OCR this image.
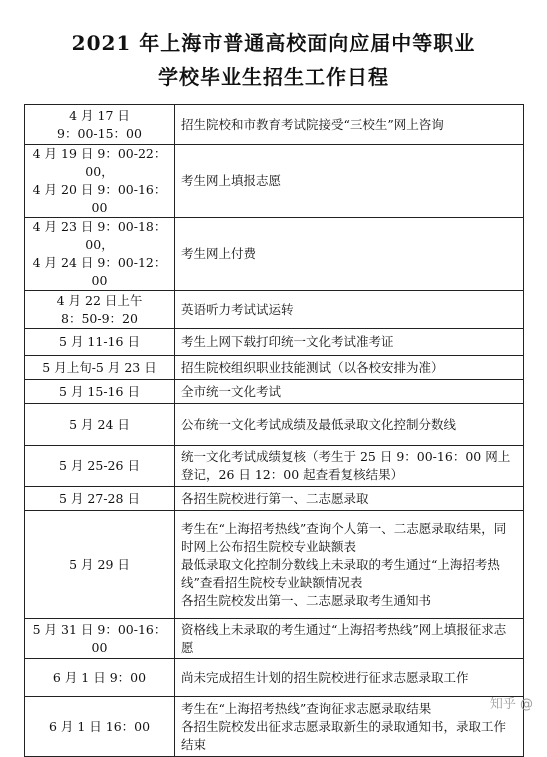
2021 年上海市普通高校面向应届中等职业
学校毕业生招生工作日程
4 月 17 日
9：00-15：00	招生院校和市教育考试院接受“三校生”网上咨询
4 月 19 日 9：00-22：00，
4 月 20 日 9：00-16：00	考生网上填报志愿
4 月 23 日 9：00-18：00，
4 月 24 日 9：00-12：00	考生网上付费
4 月 22 日上午
8：50-9：20	英语听力考试试运转
5 月 11-16 日	考生上网下载打印统一文化考试准考证
5 月上旬-5 月 23 日	招生院校组织职业技能测试（以各校安排为准）
5 月 15-16 日	全市统一文化考试
5 月 24 日	公布统一文化考试成绩及最低录取文化控制分数线
5 月 25-26 日	统一文化考试成绩复核（考生于 25 日 9：00-16：00 网上登记，26 日 12：00 起查看复核结果）
5 月 27-28 日	各招生院校进行第一、二志愿录取
5 月 29 日	考生在“上海招考热线”查询个人第一、二志愿录取结果，同时网上公布招生院校专业缺额表
最低录取文化控制分数线上未录取的考生通过“上海招考热线”查看招生院校专业缺额情况表
各招生院校发出第一、二志愿录取考生通知书
5 月 31 日 9：00-16：00	资格线上未录取的考生通过“上海招考热线”网上填报征求志愿
6 月 1 日 9：00	尚未完成招生计划的招生院校进行征求志愿录取工作
6 月 1 日 16：00	考生在“上海招考热线”查询征求志愿录取结果
各招生院校发出征求志愿录取新生的录取通知书，录取工作结束
知乎 @
